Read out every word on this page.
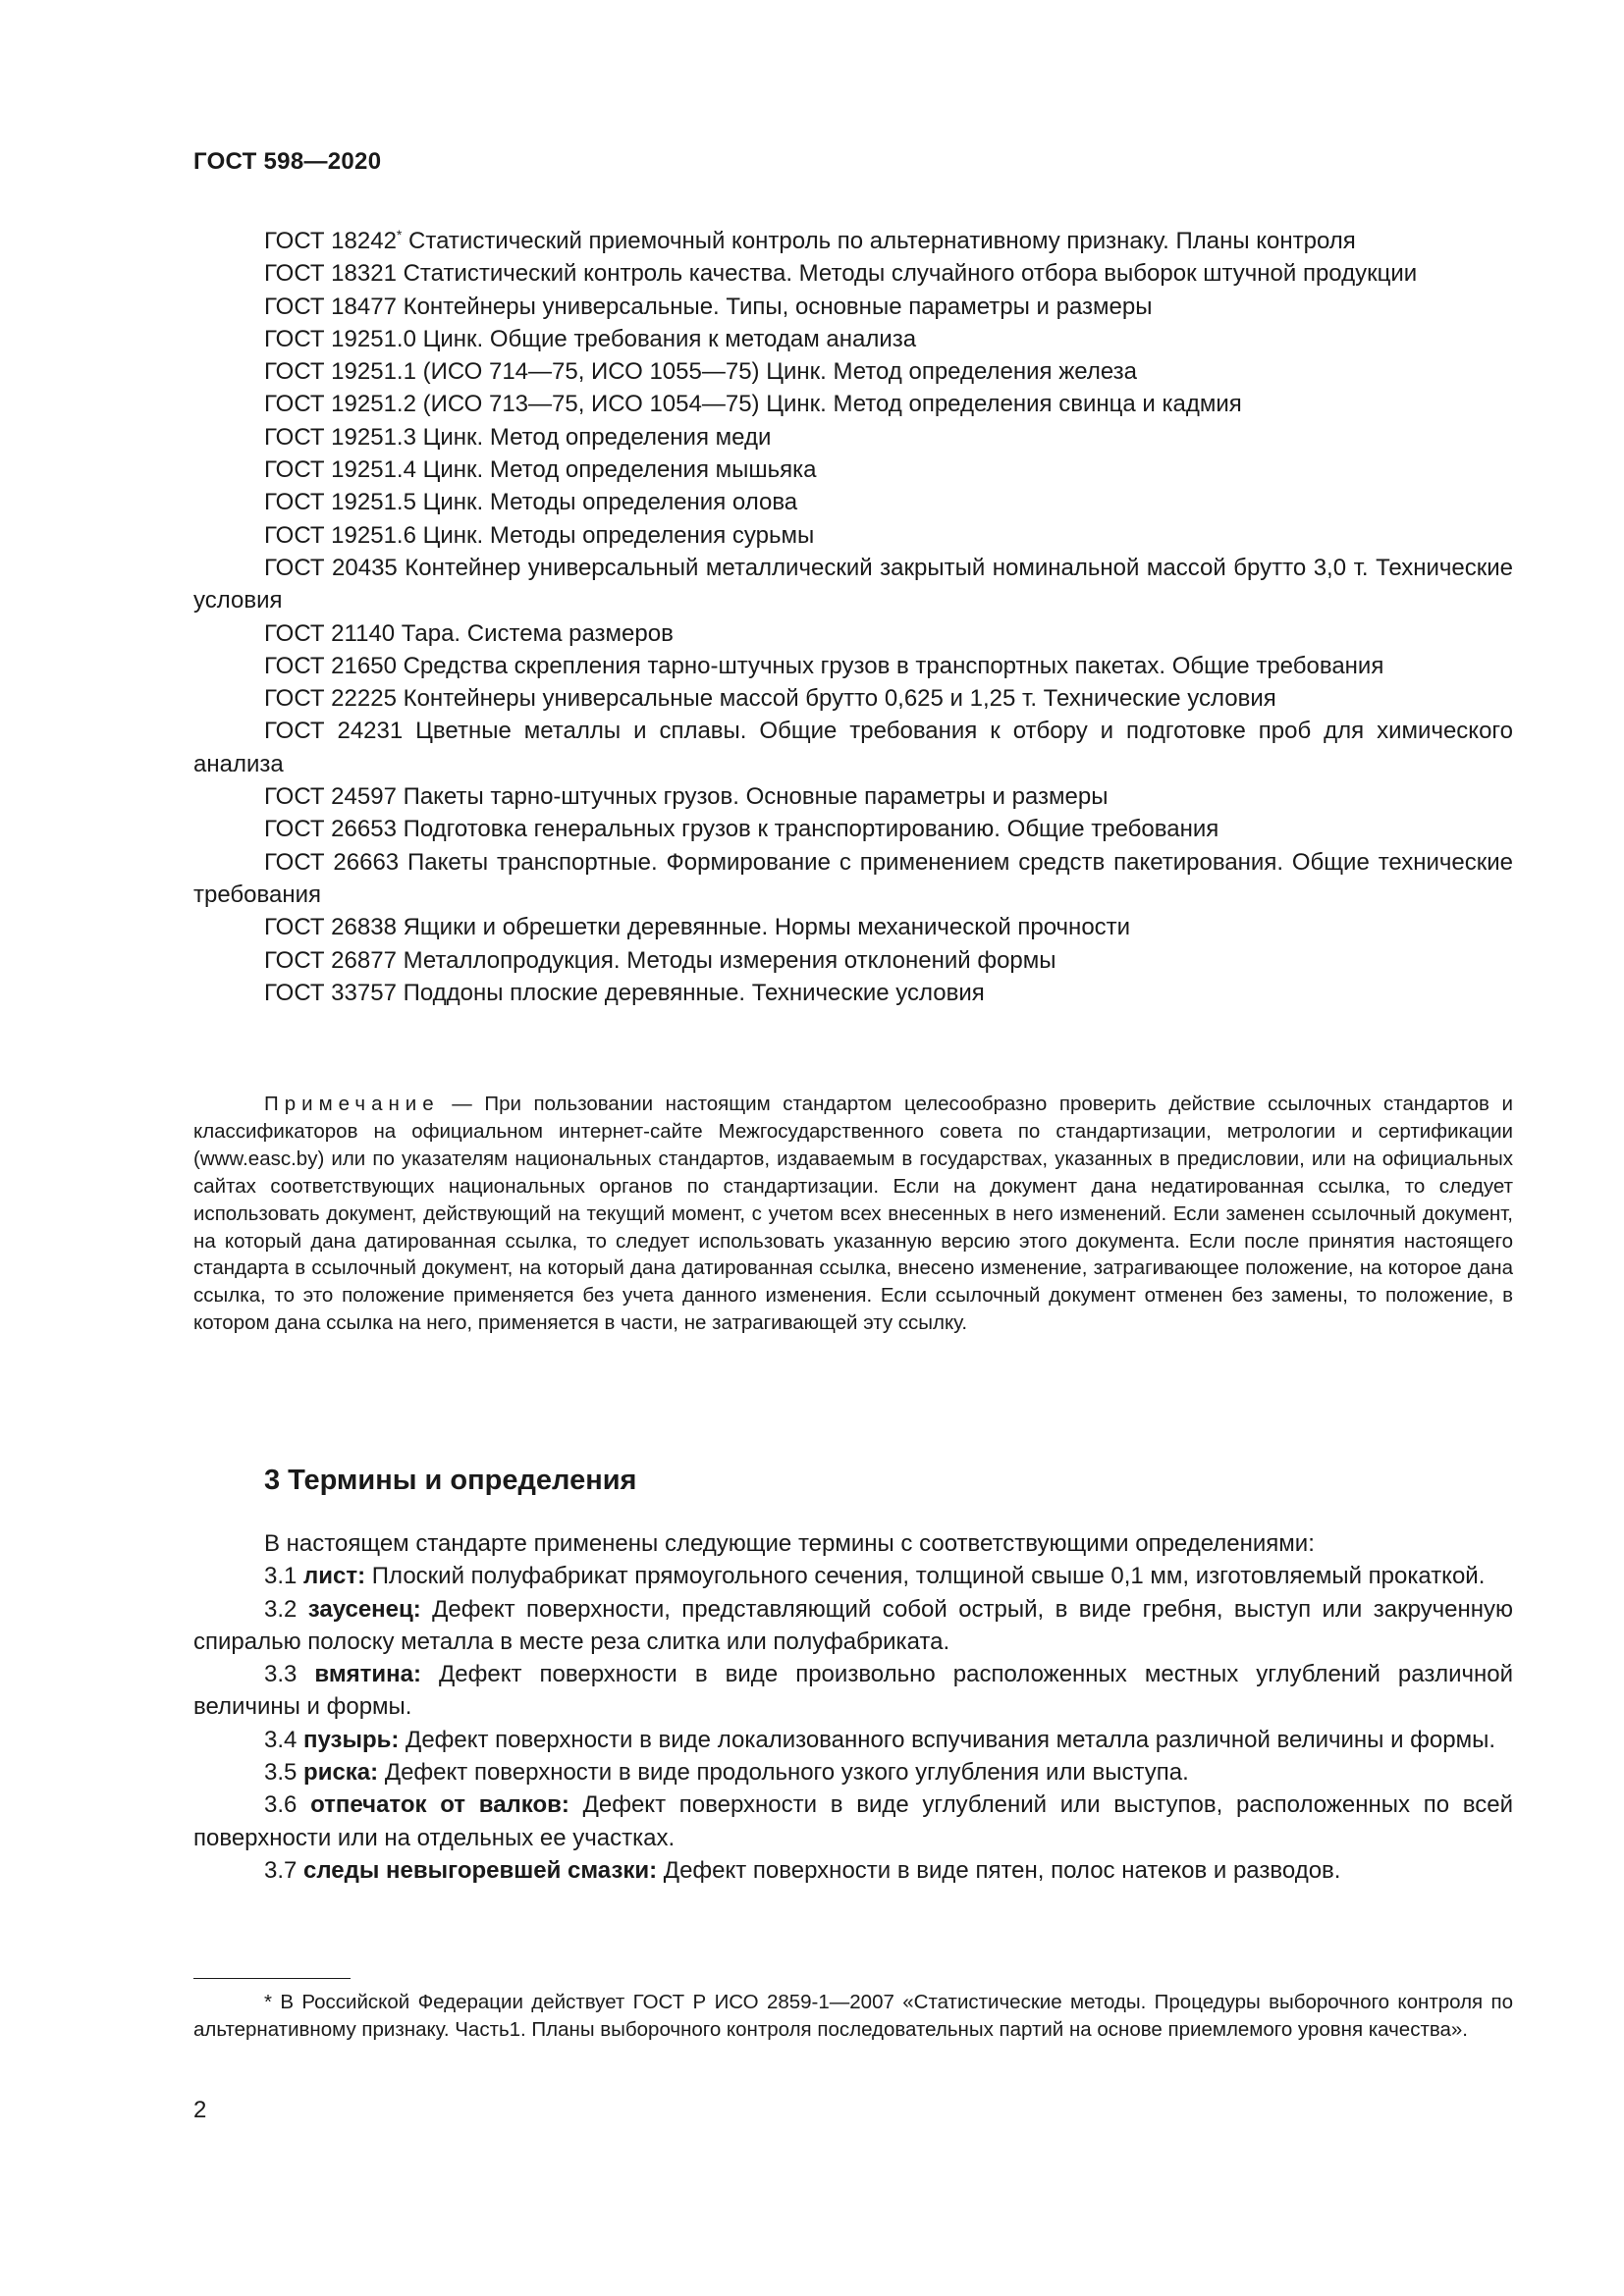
ГОСТ 598—2020

ГОСТ 18242* Статистический приемочный контроль по альтернативному признаку. Планы контроля

ГОСТ 18321 Статистический контроль качества. Методы случайного отбора выборок штучной продукции

ГОСТ 18477 Контейнеры универсальные. Типы, основные параметры и размеры

ГОСТ 19251.0 Цинк. Общие требования к методам анализа

ГОСТ 19251.1 (ИСО 714—75, ИСО 1055—75) Цинк. Метод определения железа

ГОСТ 19251.2 (ИСО 713—75, ИСО 1054—75) Цинк. Метод определения свинца и кадмия

ГОСТ 19251.3 Цинк. Метод определения меди

ГОСТ 19251.4 Цинк. Метод определения мышьяка

ГОСТ 19251.5 Цинк. Методы определения олова

ГОСТ 19251.6 Цинк. Методы определения сурьмы

ГОСТ 20435 Контейнер универсальный металлический закрытый номинальной массой брутто 3,0 т. Технические условия

ГОСТ 21140 Тара. Система размеров

ГОСТ 21650 Средства скрепления тарно-штучных грузов в транспортных пакетах. Общие требования

ГОСТ 22225 Контейнеры универсальные массой брутто 0,625 и 1,25 т. Технические условия

ГОСТ 24231 Цветные металлы и сплавы. Общие требования к отбору и подготовке проб для химического анализа

ГОСТ 24597 Пакеты тарно-штучных грузов. Основные параметры и размеры

ГОСТ 26653 Подготовка генеральных грузов к транспортированию. Общие требования

ГОСТ 26663 Пакеты транспортные. Формирование с применением средств пакетирования. Общие технические требования

ГОСТ 26838 Ящики и обрешетки деревянные. Нормы механической прочности

ГОСТ 26877 Металлопродукция. Методы измерения отклонений формы

ГОСТ 33757 Поддоны плоские деревянные. Технические условия

Примечание — При пользовании настоящим стандартом целесообразно проверить действие ссылочных стандартов и классификаторов на официальном интернет-сайте Межгосударственного совета по стандартизации, метрологии и сертификации (www.easc.by) или по указателям национальных стандартов, издаваемым в государствах, указанных в предисловии, или на официальных сайтах соответствующих национальных органов по стандартизации. Если на документ дана недатированная ссылка, то следует использовать документ, действующий на текущий момент, с учетом всех внесенных в него изменений. Если заменен ссылочный документ, на который дана датированная ссылка, то следует использовать указанную версию этого документа. Если после принятия настоящего стандарта в ссылочный документ, на который дана датированная ссылка, внесено изменение, затрагивающее положение, на которое дана ссылка, то это положение применяется без учета данного изменения. Если ссылочный документ отменен без замены, то положение, в котором дана ссылка на него, применяется в части, не затрагивающей эту ссылку.

3 Термины и определения

В настоящем стандарте применены следующие термины с соответствующими определениями:

3.1 лист: Плоский полуфабрикат прямоугольного сечения, толщиной свыше 0,1 мм, изготовляемый прокаткой.

3.2 заусенец: Дефект поверхности, представляющий собой острый, в виде гребня, выступ или закрученную спиралью полоску металла в месте реза слитка или полуфабриката.

3.3 вмятина: Дефект поверхности в виде произвольно расположенных местных углублений различной величины и формы.

3.4 пузырь: Дефект поверхности в виде локализованного вспучивания металла различной величины и формы.

3.5 риска: Дефект поверхности в виде продольного узкого углубления или выступа.

3.6 отпечаток от валков: Дефект поверхности в виде углублений или выступов, расположенных по всей поверхности или на отдельных ее участках.

3.7 следы невыгоревшей смазки: Дефект поверхности в виде пятен, полос натеков и разводов.

* В Российской Федерации действует ГОСТ Р ИСО 2859-1—2007 «Статистические методы. Процедуры выборочного контроля по альтернативному признаку. Часть1. Планы выборочного контроля последовательных партий на основе приемлемого уровня качества».

2
